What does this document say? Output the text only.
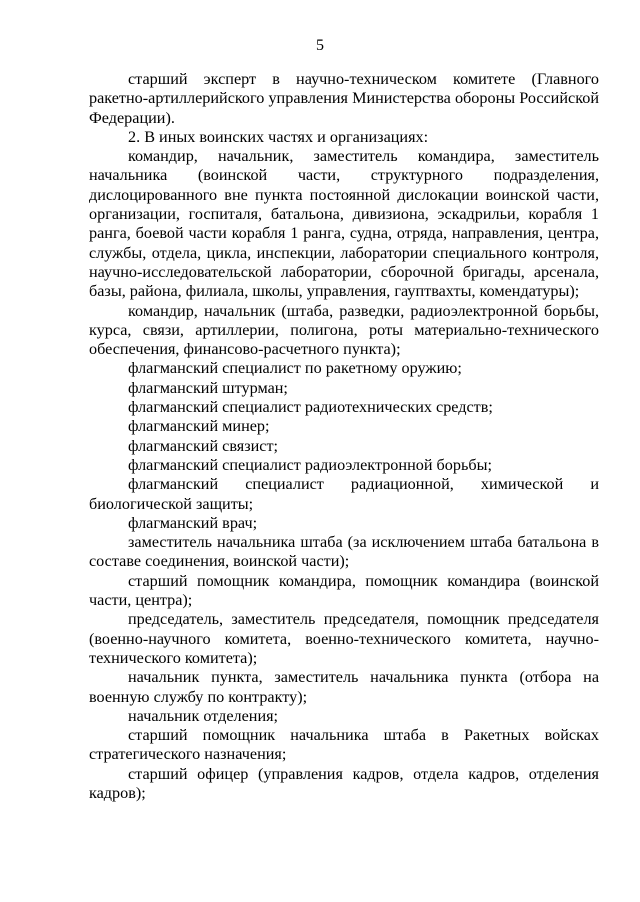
5

старший эксперт в научно-техническом комитете (Главного ракетно-артиллерийского управления Министерства обороны Российской Федерации).

2. В иных воинских частях и организациях:

командир, начальник, заместитель командира, заместитель начальника (воинской части, структурного подразделения, дислоцированного вне пункта постоянной дислокации воинской части, организации, госпиталя, батальона, дивизиона, эскадрильи, корабля 1 ранга, боевой части корабля 1 ранга, судна, отряда, направления, центра, службы, отдела, цикла, инспекции, лаборатории специального контроля, научно-исследовательской лаборатории, сборочной бригады, арсенала, базы, района, филиала, школы, управления, гауптвахты, комендатуры);

командир, начальник (штаба, разведки, радиоэлектронной борьбы, курса, связи, артиллерии, полигона, роты материально-технического обеспечения, финансово-расчетного пункта);

флагманский специалист по ракетному оружию;

флагманский штурман;

флагманский специалист радиотехнических средств;

флагманский минер;

флагманский связист;

флагманский специалист радиоэлектронной борьбы;

флагманский специалист радиационной, химической и биологической защиты;

флагманский врач;

заместитель начальника штаба (за исключением штаба батальона в составе соединения, воинской части);

старший помощник командира, помощник командира (воинской части, центра);

председатель, заместитель председателя, помощник председателя (военно-научного комитета, военно-технического комитета, научно-технического комитета);

начальник пункта, заместитель начальника пункта (отбора на военную службу по контракту);

начальник отделения;

старший помощник начальника штаба в Ракетных войсках стратегического назначения;

старший офицер (управления кадров, отдела кадров, отделения кадров);
